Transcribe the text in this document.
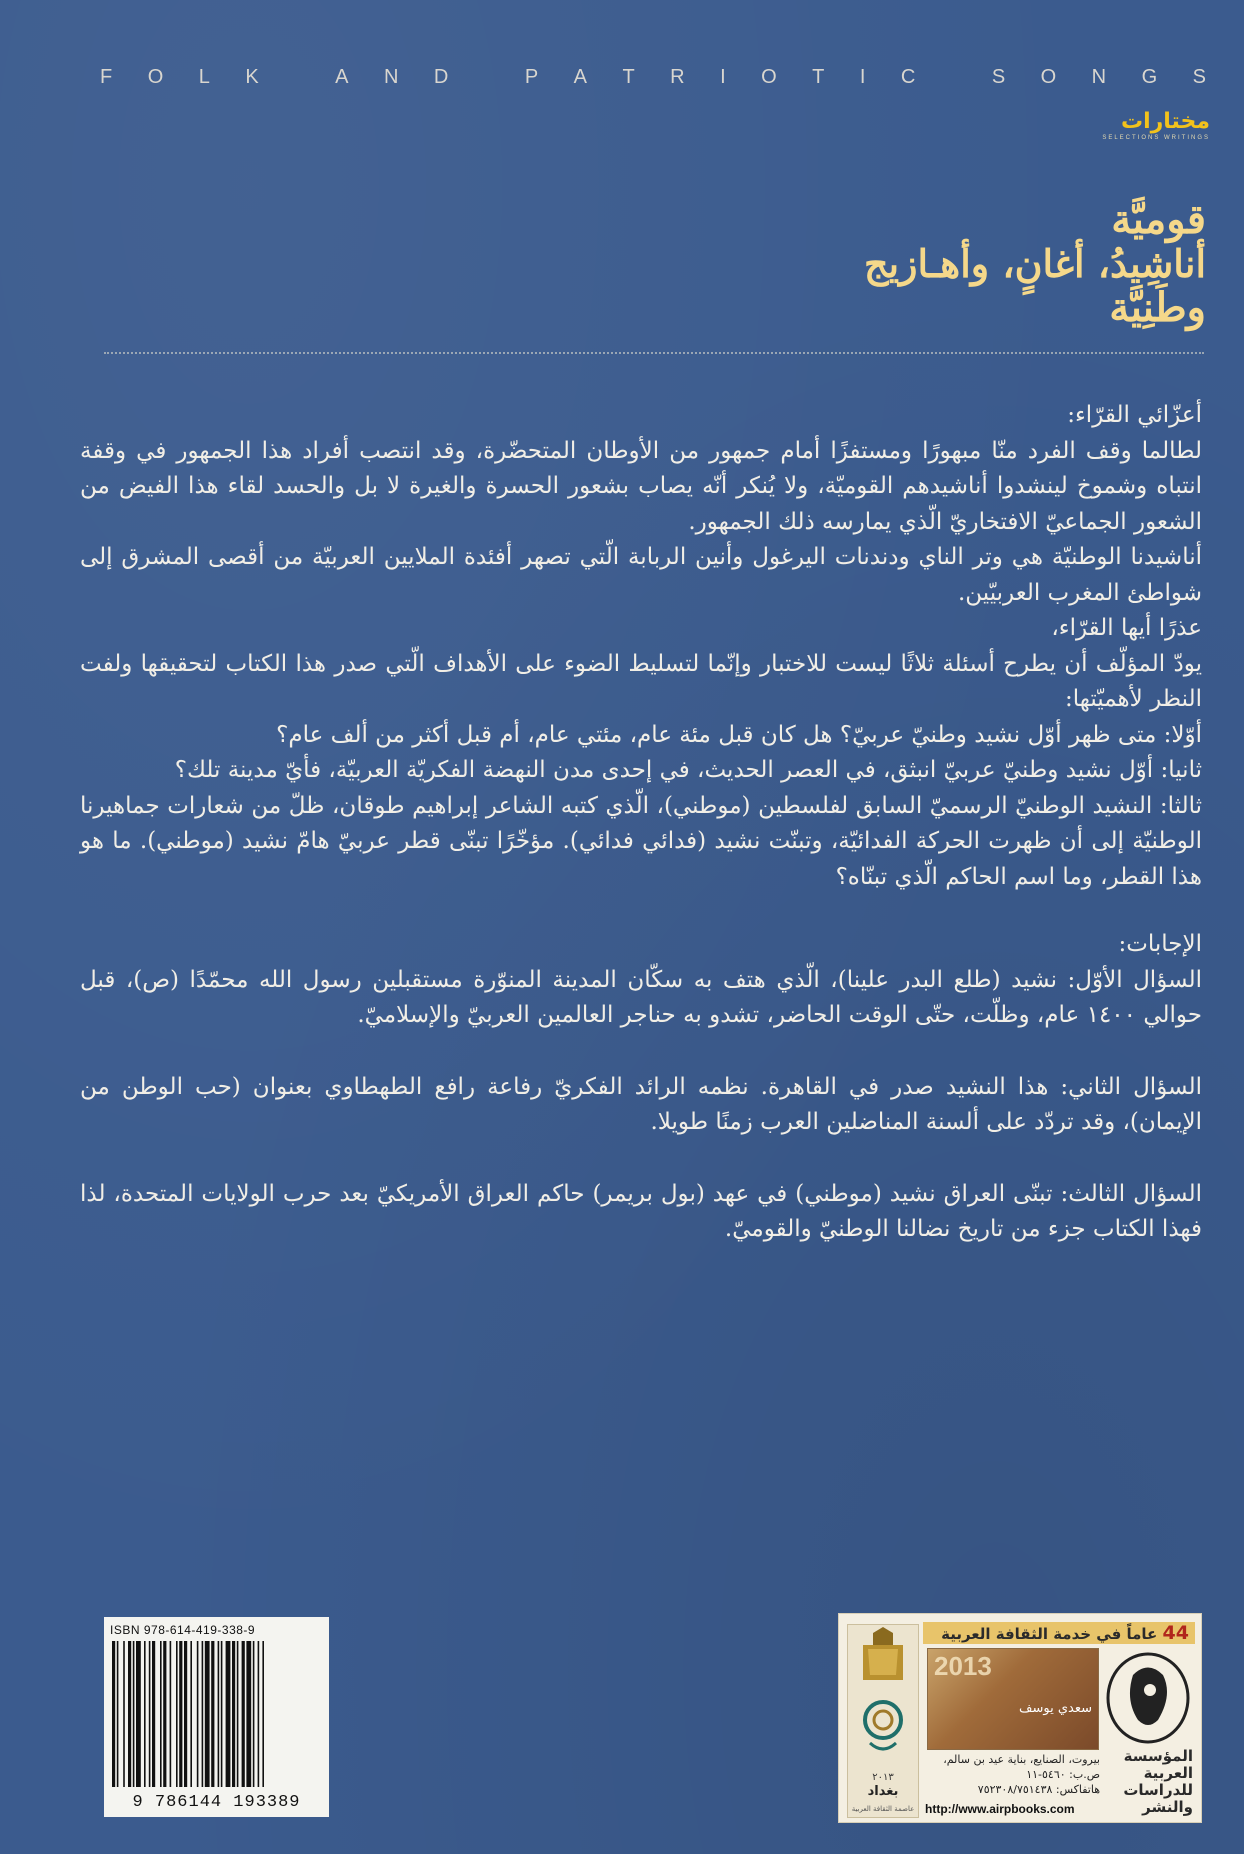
F O L K
	A N D
	P A T R I O T I C
	S O N G S
مختارات
SELECTIONS WRITINGS
قوميَّة
أناشِيدُ، أغانٍ، وأهـازيج
وطَنِيَّة

أعزّائي القرّاء:

لطالما وقف الفرد منّا مبهورًا ومستفزًا أمام جمهور من الأوطان المتحضّرة، وقد انتصب أفراد هذا الجمهور في وقفة انتباه وشموخ لينشدوا أناشيدهم القوميّة، ولا يُنكر أنّه يصاب بشعور الحسرة والغيرة لا بل والحسد لقاء هذا الفيض من الشعور الجماعيّ الافتخاريّ الّذي يمارسه ذلك الجمهور.

أناشيدنا الوطنيّة هي وتر الناي ودندنات اليرغول وأنين الربابة الّتي تصهر أفئدة الملايين العربيّة من أقصى المشرق إلى شواطئ المغرب العربيّين.

عذرًا أيها القرّاء،

يودّ المؤلّف أن يطرح أسئلة ثلاثًا ليست للاختبار وإنّما لتسليط الضوء على الأهداف الّتي صدر هذا الكتاب لتحقيقها ولفت النظر لأهميّتها:

أوّلا: متى ظهر أوّل نشيد وطنيّ عربيّ؟ هل كان قبل مئة عام، مئتي عام، أم قبل أكثر من ألف عام؟

ثانيا: أوّل نشيد وطنيّ عربيّ انبثق، في العصر الحديث، في إحدى مدن النهضة الفكريّة العربيّة، فأيّ مدينة تلك؟

ثالثا: النشيد الوطنيّ الرسميّ السابق لفلسطين (موطني)، الّذي كتبه الشاعر إبراهيم طوقان، ظلّ من شعارات جماهيرنا الوطنيّة إلى أن ظهرت الحركة الفدائيّة، وتبنّت نشيد (فدائي فدائي). مؤخّرًا تبنّى قطر عربيّ هامّ نشيد (موطني). ما هو هذا القطر، وما اسم الحاكم الّذي تبنّاه؟

الإجابات:

السؤال الأوّل: نشيد (طلع البدر علينا)، الّذي هتف به سكّان المدينة المنوّرة مستقبلين رسول الله محمّدًا (ص)، قبل حوالي ١٤٠٠ عام، وظلّت، حتّى الوقت الحاضر، تشدو به حناجر العالمين العربيّ والإسلاميّ.

السؤال الثاني: هذا النشيد صدر في القاهرة. نظمه الرائد الفكريّ رفاعة رافع الطهطاوي بعنوان (حب الوطن من الإيمان)، وقد تردّد على ألسنة المناضلين العرب زمنًا طويلا.

السؤال الثالث: تبنّى العراق نشيد (موطني) في عهد (بول بريمر) حاكم العراق الأمريكيّ بعد حرب الولايات المتحدة، لذا فهذا الكتاب جزء من تاريخ نضالنا الوطنيّ والقوميّ.

ISBN 978-614-419-338-9
9 786144 193389
٢٠١٣
بغداد
عاصمة الثقافة العربية
44 عاماً في خدمة الثقافة العربية
2013
سعدي يوسف
بيروت، الصنايع، بناية عيد بن سالم، ص.ب: ٥٤٦٠-١١
هاتفاكس: ٧٥٢٣٠٨/٧٥١٤٣٨
http://www.airpbooks.com
المؤسسة
العربية
للدراسات
والنشر
